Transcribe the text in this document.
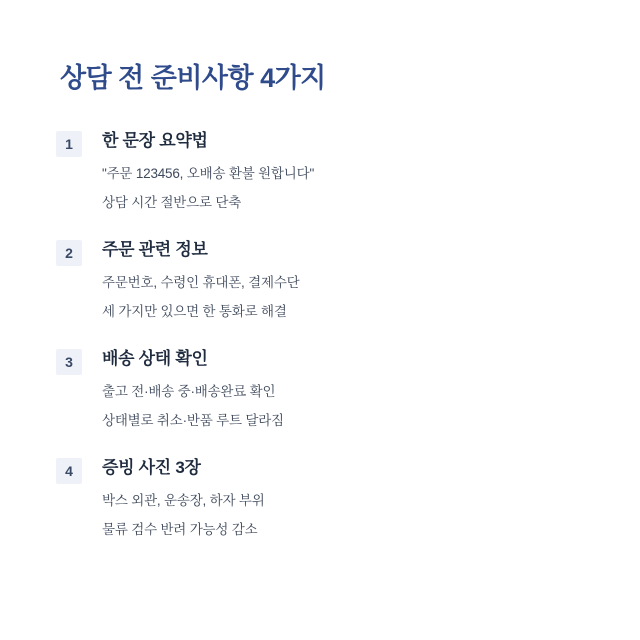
상담 전 준비사항 4가지
1	한 문장 요약법
"주문 123456, 오배송 환불 원합니다"
상담 시간 절반으로 단축
2	주문 관련 정보
주문번호, 수령인 휴대폰, 결제수단
세 가지만 있으면 한 통화로 해결
3	배송 상태 확인
출고 전·배송 중·배송완료 확인
상태별로 취소·반품 루트 달라짐
4	증빙 사진 3장
박스 외관, 운송장, 하자 부위
물류 검수 반려 가능성 감소
